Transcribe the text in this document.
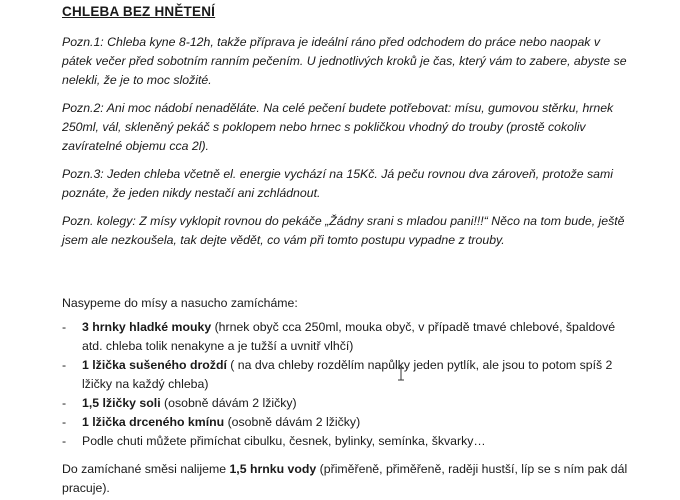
CHLEBA BEZ HNĚTENÍ

Pozn.1: Chleba kyne 8-12h, takže příprava je ideální ráno před odchodem do práce nebo naopak v pátek večer před sobotním ranním pečením. U jednotlivých kroků je čas, který vám to zabere, abyste se nelekli, že je to moc složité.

Pozn.2: Ani moc nádobí nenaděláte. Na celé pečení budete potřebovat: mísu, gumovou stěrku, hrnek 250ml, vál, skleněný pekáč s poklopem nebo hrnec s pokličkou vhodný do trouby (prostě cokoliv zavíratelné objemu cca 2l).

Pozn.3: Jeden chleba včetně el. energie vychází na 15Kč. Já peču rovnou dva zároveň, protože sami poznáte, že jeden nikdy nestačí ani zchládnout.

Pozn. kolegy: Z mísy vyklopit rovnou do pekáče „Žádny srani s mladou pani!!!“ Něco na tom bude, ještě jsem ale nezkoušela, tak dejte vědět, co vám při tomto postupu vypadne z trouby.

Nasypeme do mísy a nasucho zamícháme:

- 3 hrnky hladké mouky (hrnek obyč cca 250ml, mouka obyč, v případě tmavé chlebové, špaldové atd. chleba tolik nenakyne a je tužší a uvnitř vlhčí)
- 1 lžička sušeného droždí ( na dva chleby rozdělím napůlky jeden pytlík, ale jsou to potom spíš 2 lžičky na každý chleba)
- 1,5 lžičky soli (osobně dávám 2 lžičky)
- 1 lžička drceného kmínu (osobně dávám 2 lžičky)
- Podle chuti můžete přimíchat cibulku, česnek, bylinky, semínka, škvarky…

Do zamíchané směsi nalijeme 1,5 hrnku vody (přiměřeně, přiměřeně, raději hustší, líp se s ním pak dál pracuje).
